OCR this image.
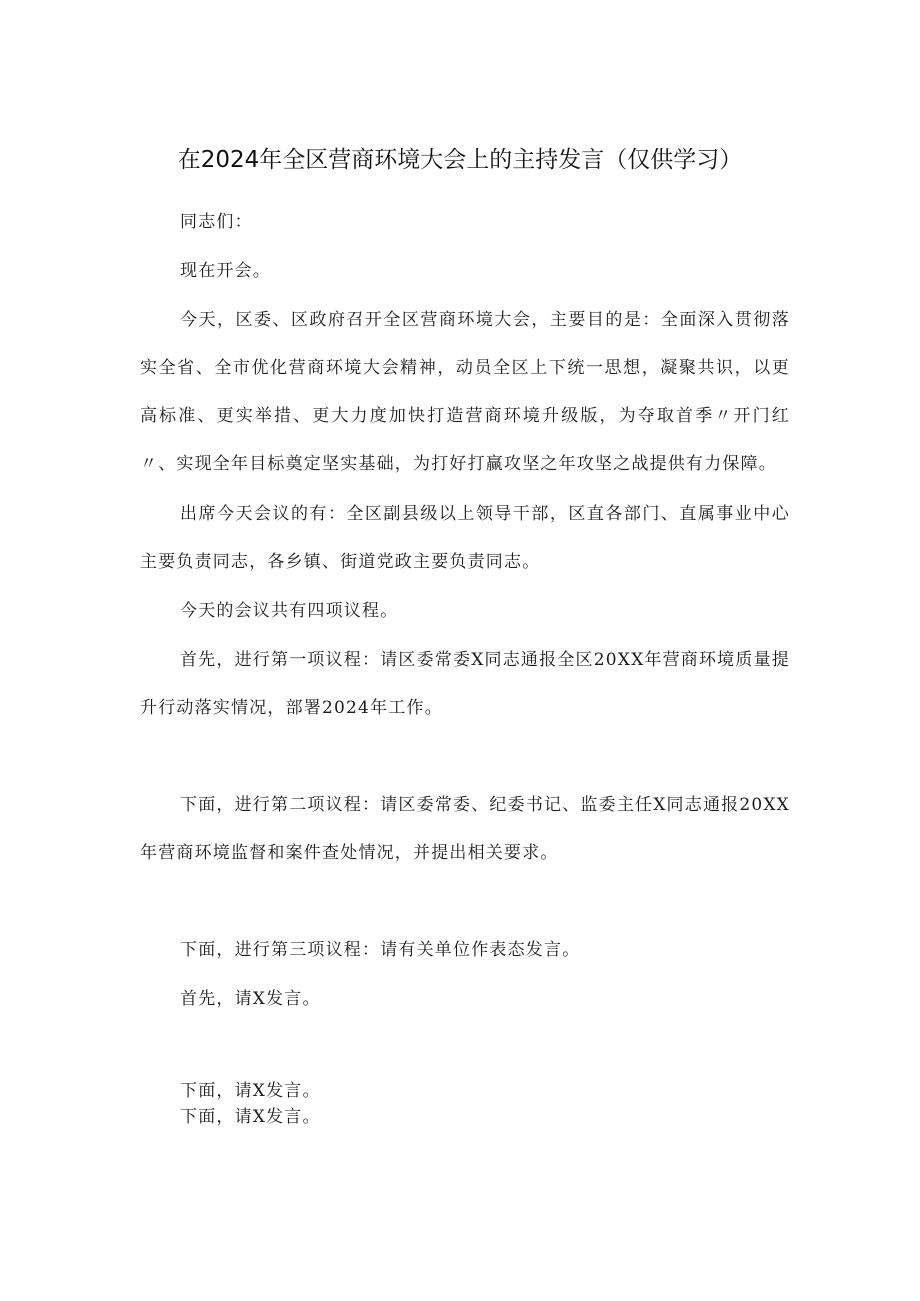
在2024年全区营商环境大会上的主持发言（仅供学习）

同志们：

现在开会。

今天，区委、区政府召开全区营商环境大会，主要目的是：全面深入贯彻落实全省、全市优化营商环境大会精神，动员全区上下统一思想，凝聚共识，以更高标准、更实举措、更大力度加快打造营商环境升级版，为夺取首季〃开门红〃、实现全年目标奠定坚实基础，为打好打赢攻坚之年攻坚之战提供有力保障。

出席今天会议的有：全区副县级以上领导干部，区直各部门、直属事业中心主要负责同志，各乡镇、街道党政主要负责同志。

今天的会议共有四项议程。

首先，进行第一项议程：请区委常委X同志通报全区20XX年营商环境质量提升行动落实情况，部署2024年工作。

下面，进行第二项议程：请区委常委、纪委书记、监委主任X同志通报20XX年营商环境监督和案件查处情况，并提出相关要求。

下面，进行第三项议程：请有关单位作表态发言。

首先，请X发言。

下面，请X发言。

下面，请X发言。
